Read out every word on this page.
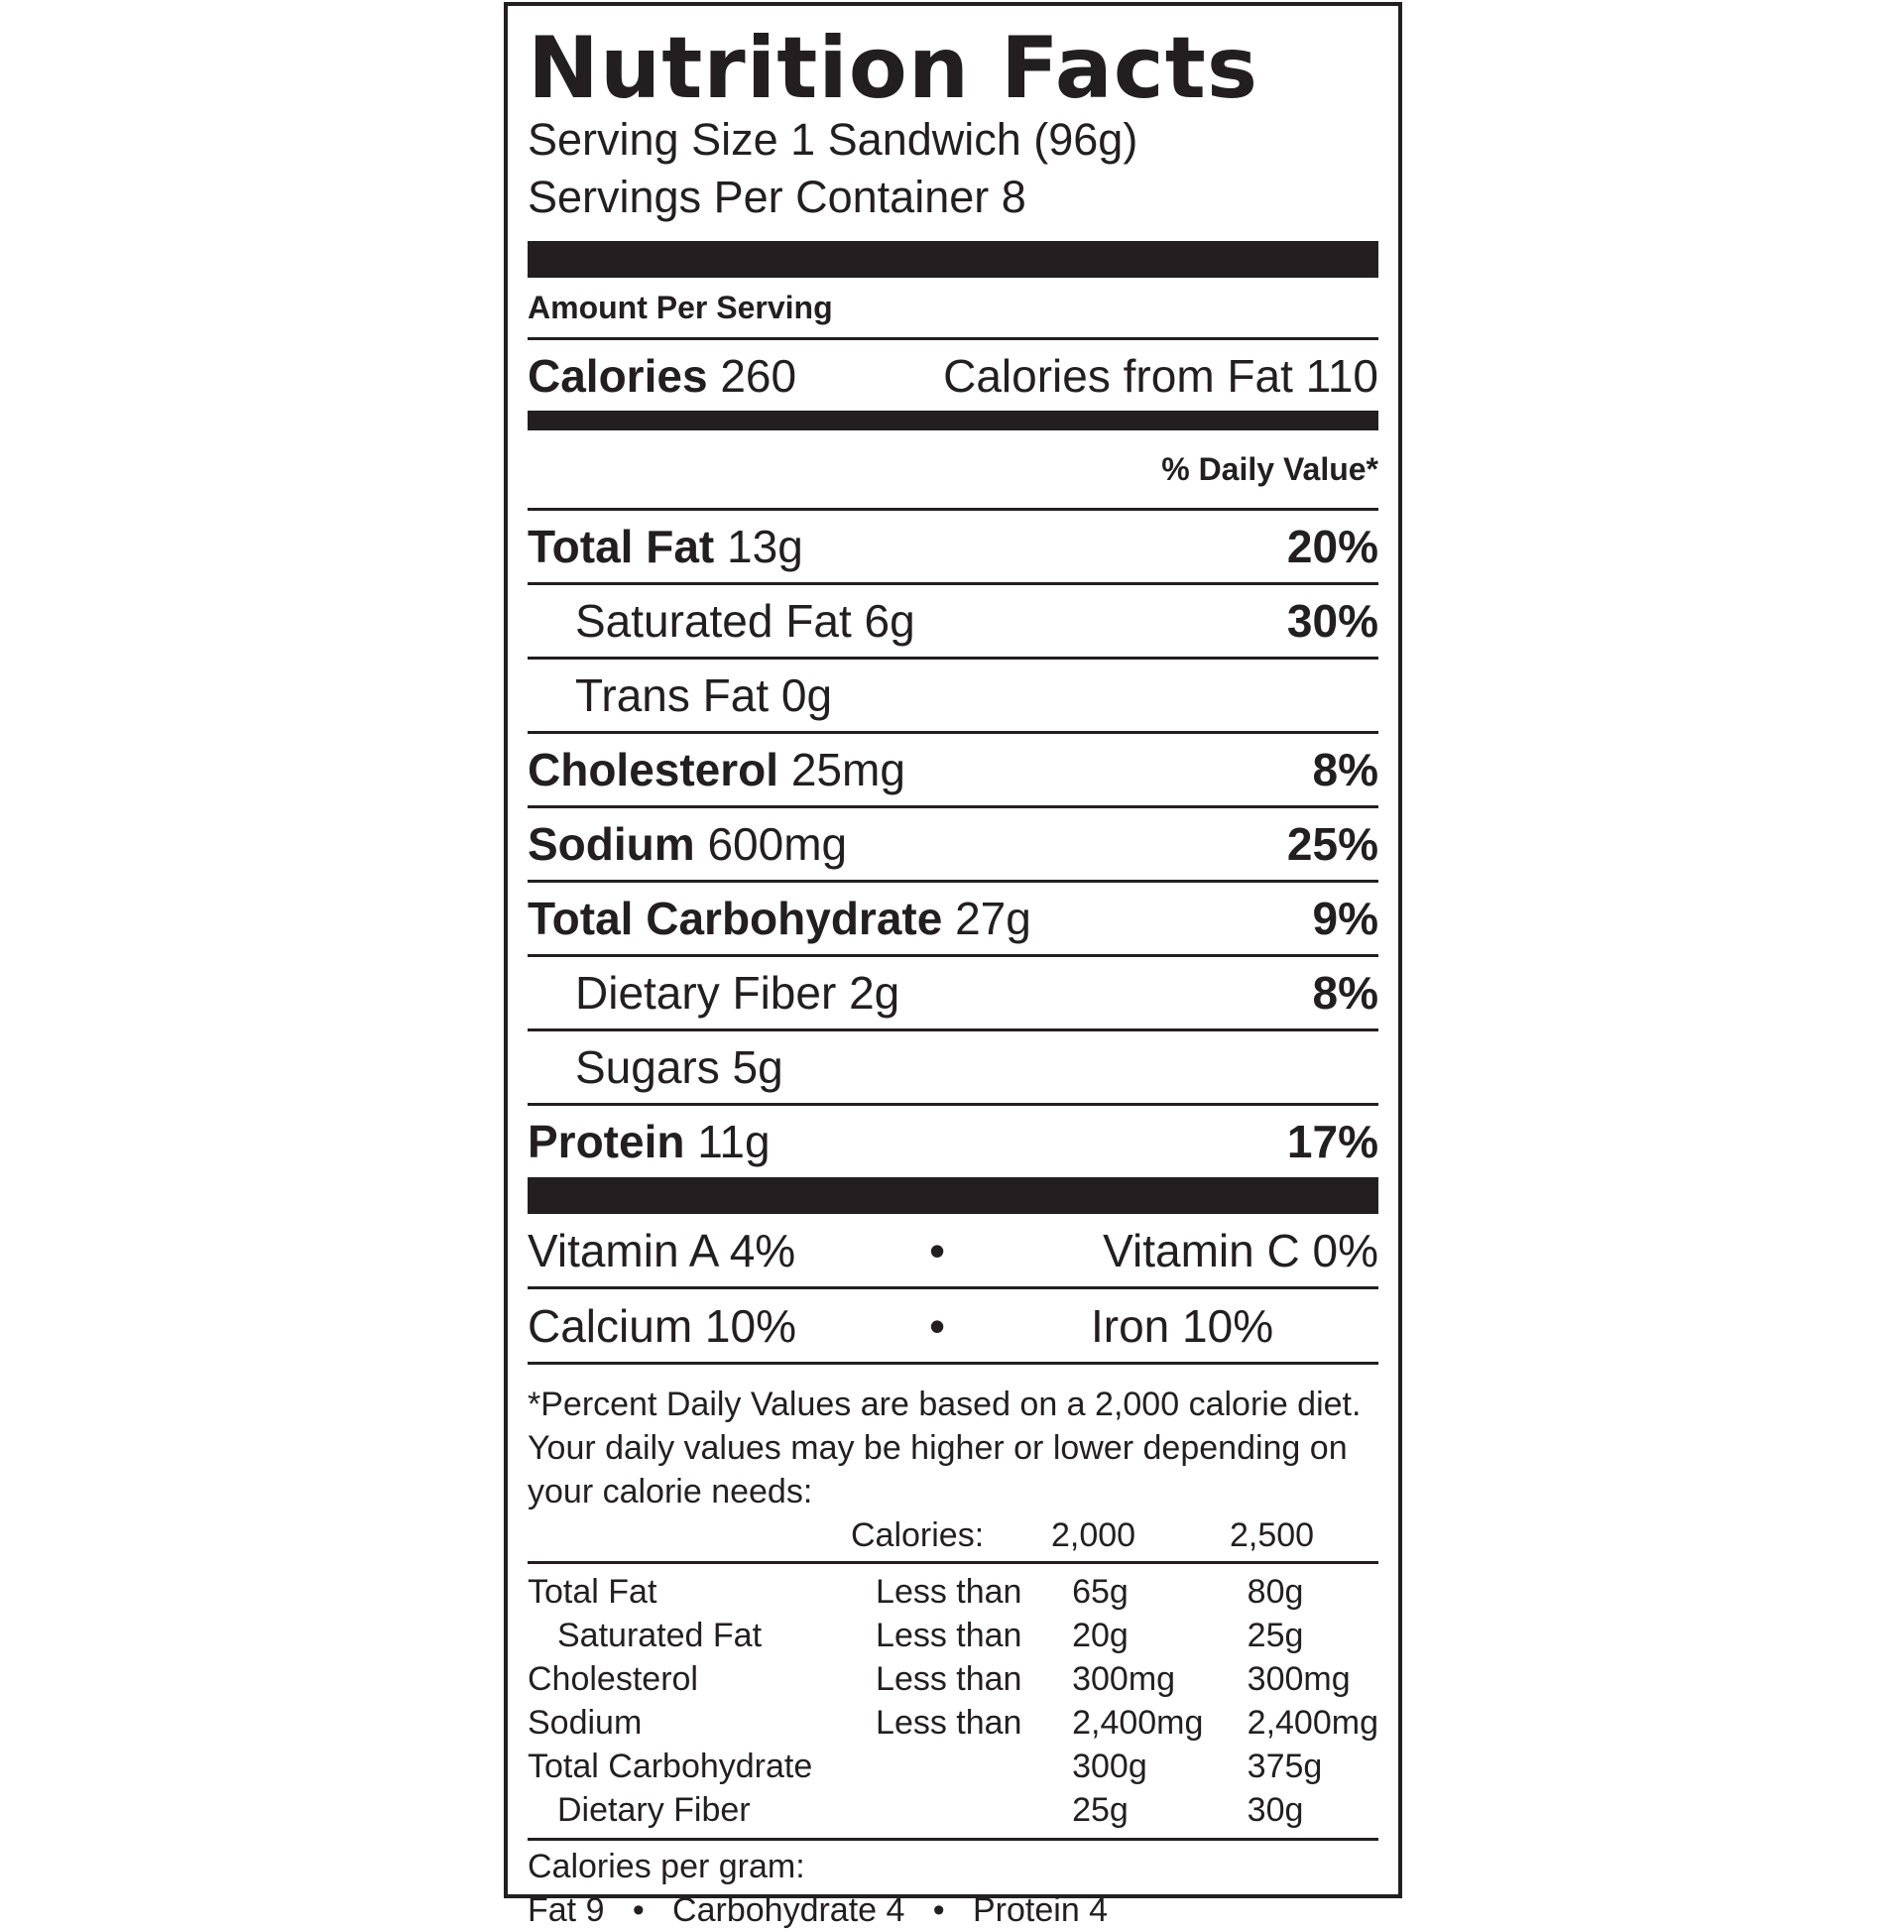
Nutrition Facts
Serving Size 1 Sandwich (96g)
Servings Per Container 8
Amount Per Serving
Calories 260	Calories from Fat 110
% Daily Value*
Total Fat 13g	20%
Saturated Fat 6g	30%
Trans Fat 0g
Cholesterol 25mg	8%
Sodium 600mg	25%
Total Carbohydrate 27g	9%
Dietary Fiber 2g	8%
Sugars 5g
Protein 11g	17%
Vitamin A 4%	•	Vitamin C 0%
Calcium 10%	•	Iron 10%
*Percent Daily Values are based on a 2,000 calorie diet.
Your daily values may be higher or lower depending on
your calorie needs:
	Calories:	2,000	2,500
Total Fat	Less than	65g	80g
Saturated Fat	Less than	20g	25g
Cholesterol	Less than	300mg	300mg
Sodium	Less than	2,400mg	2,400mg
Total Carbohydrate		300g	375g
Dietary Fiber		25g	30g
Calories per gram:
Fat 9   •   Carbohydrate 4   •   Protein 4
